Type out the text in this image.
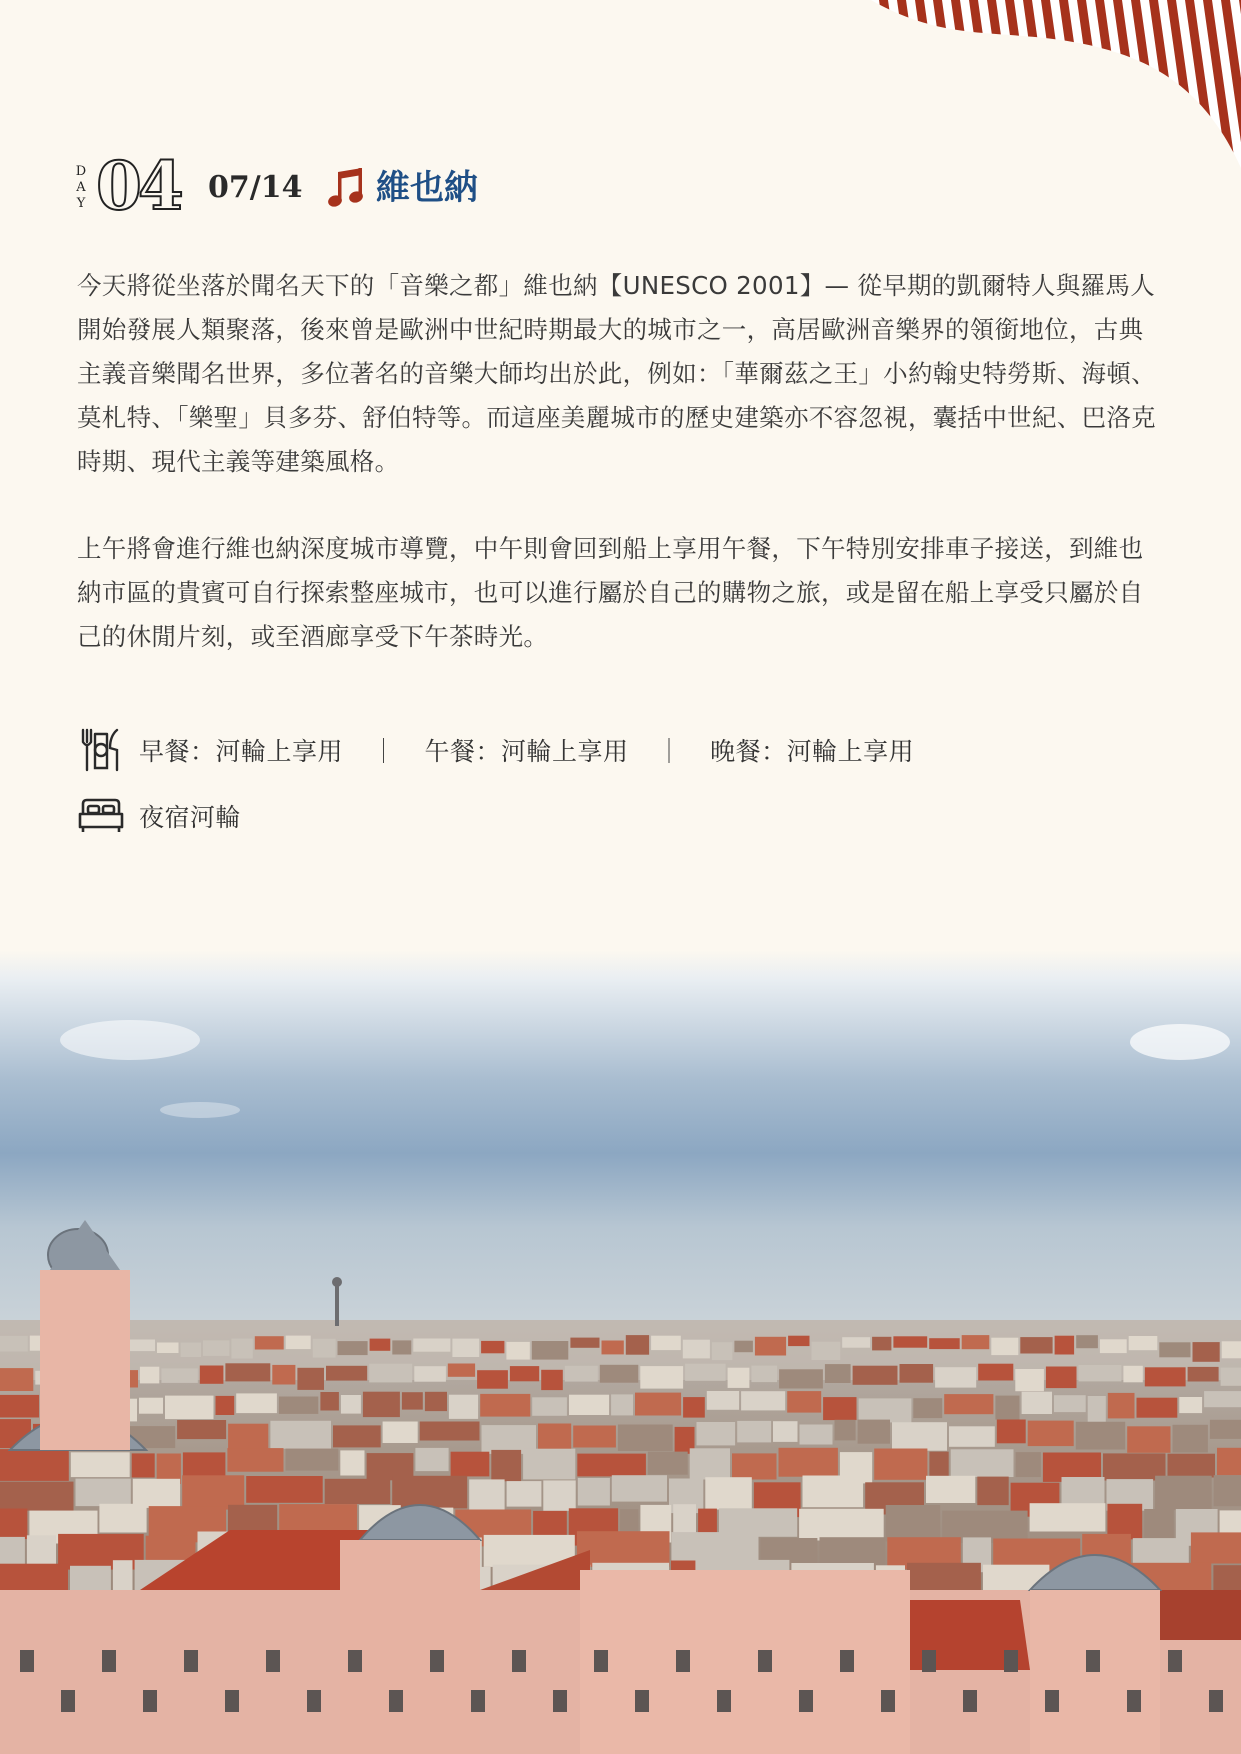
D
A
Y 04 07/14 維也納
今天將從坐落於聞名天下的「音樂之都」維也納【UNESCO 2001】— 從早期的凱爾特人與羅馬人開始發展人類聚落，後來曾是歐洲中世紀時期最大的城市之一，高居歐洲音樂界的領銜地位，古典主義音樂聞名世界，多位著名的音樂大師均出於此，例如：「華爾茲之王」小約翰史特勞斯、海頓、莫札特、「樂聖」貝多芬、舒伯特等。而這座美麗城市的歷史建築亦不容忽視，囊括中世紀、巴洛克時期、現代主義等建築風格。
上午將會進行維也納深度城市導覽，中午則會回到船上享用午餐，下午特別安排車子接送，到維也納市區的貴賓可自行探索整座城市，也可以進行屬於自己的購物之旅，或是留在船上享受只屬於自己的休閒片刻，或至酒廊享受下午茶時光。
早餐：河輪上享用 ｜ 午餐：河輪上享用 ｜ 晚餐：河輪上享用
夜宿河輪
